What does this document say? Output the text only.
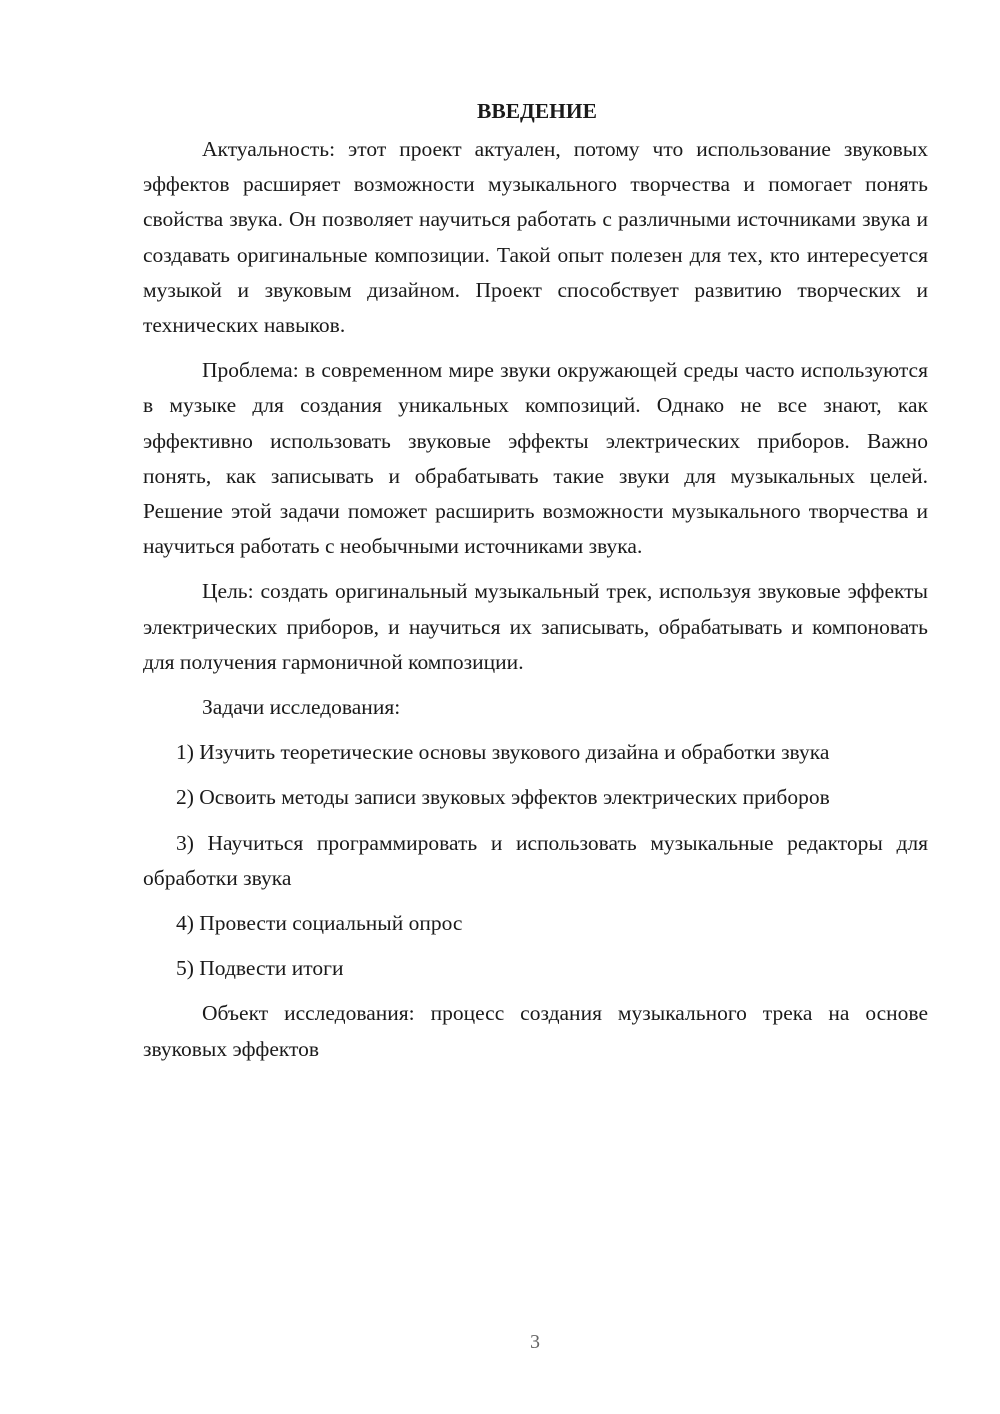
ВВЕДЕНИЕ

Актуальность: этот проект актуален, потому что использование звуковых эффектов расширяет возможности музыкального творчества и помогает понять свойства звука. Он позволяет научиться работать с различными источниками звука и создавать оригинальные композиции. Такой опыт полезен для тех, кто интересуется музыкой и звуковым дизайном. Проект способствует развитию творческих и технических навыков.

Проблема: в современном мире звуки окружающей среды часто используются в музыке для создания уникальных композиций. Однако не все знают, как эффективно использовать звуковые эффекты электрических приборов. Важно понять, как записывать и обрабатывать такие звуки для музыкальных целей. Решение этой задачи поможет расширить возможности музыкального творчества и научиться работать с необычными источниками звука.

Цель: создать оригинальный музыкальный трек, используя звуковые эффекты электрических приборов, и научиться их записывать, обрабатывать и компоновать для получения гармоничной композиции.

Задачи исследования:

1) Изучить теоретические основы звукового дизайна и обработки звука

2) Освоить методы записи звуковых эффектов электрических приборов

3) Научиться программировать и использовать музыкальные редакторы для обработки звука

4) Провести социальный опрос

5) Подвести итоги

Объект исследования: процесс создания музыкального трека на основе звуковых эффектов

3
